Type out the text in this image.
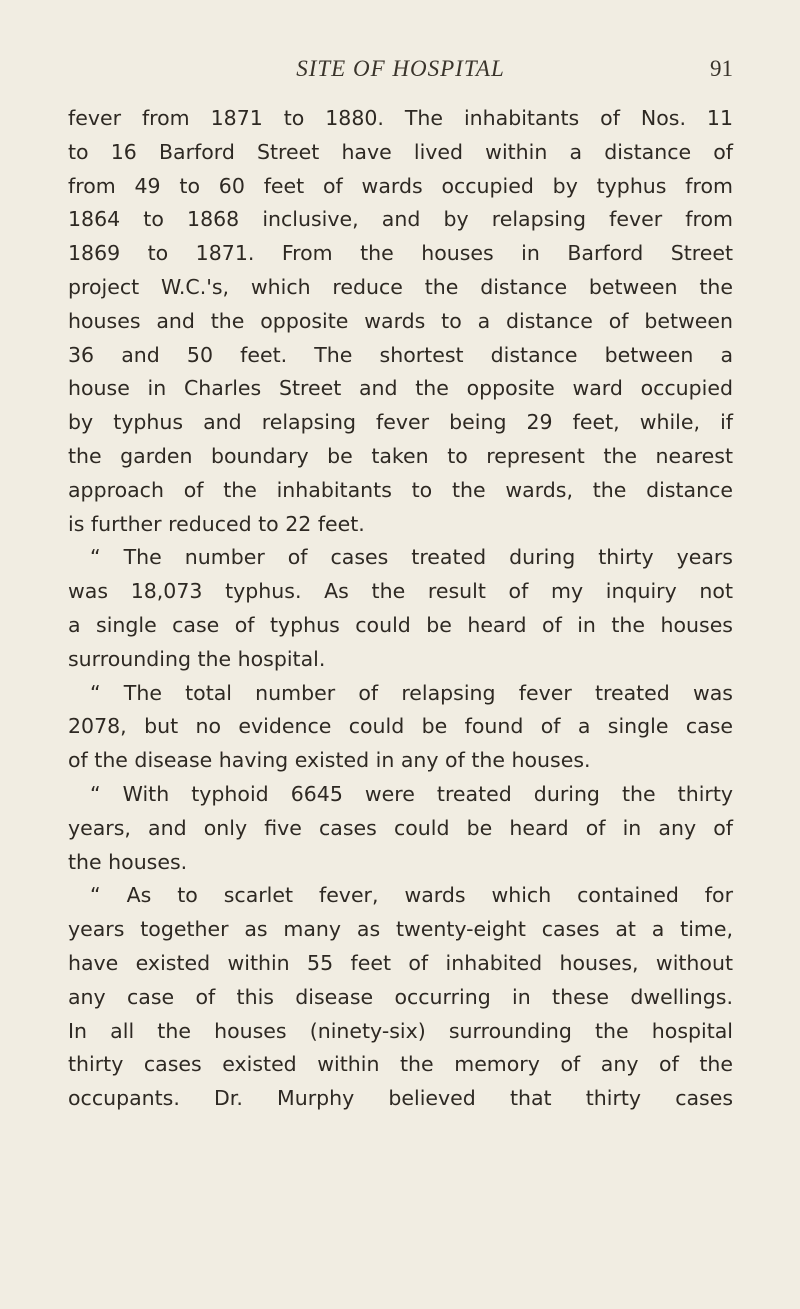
SITE OF HOSPITAL	91
fever from 1871 to 1880. The inhabitants of Nos. 11
to 16 Barford Street have lived within a distance of
from 49 to 60 feet of wards occupied by typhus from
1864 to 1868 inclusive, and by relapsing fever from
1869 to 1871. From the houses in Barford Street
project W.C.'s, which reduce the distance between the
houses and the opposite wards to a distance of between
36 and 50 feet. The shortest distance between a
house in Charles Street and the opposite ward occupied
by typhus and relapsing fever being 29 feet, while, if
the garden boundary be taken to represent the nearest
approach of the inhabitants to the wards, the distance
is further reduced to 22 feet.
“ The number of cases treated during thirty years
was 18,073 typhus. As the result of my inquiry not
a single case of typhus could be heard of in the houses
surrounding the hospital.
“ The total number of relapsing fever treated was
2078, but no evidence could be found of a single case
of the disease having existed in any of the houses.
“ With typhoid 6645 were treated during the thirty
years, and only five cases could be heard of in any of
the houses.
“ As to scarlet fever, wards which contained for
years together as many as twenty-eight cases at a time,
have existed within 55 feet of inhabited houses, without
any case of this disease occurring in these dwellings.
In all the houses (ninety-six) surrounding the hospital
thirty cases existed within the memory of any of the
occupants. Dr. Murphy believed that thirty cases
